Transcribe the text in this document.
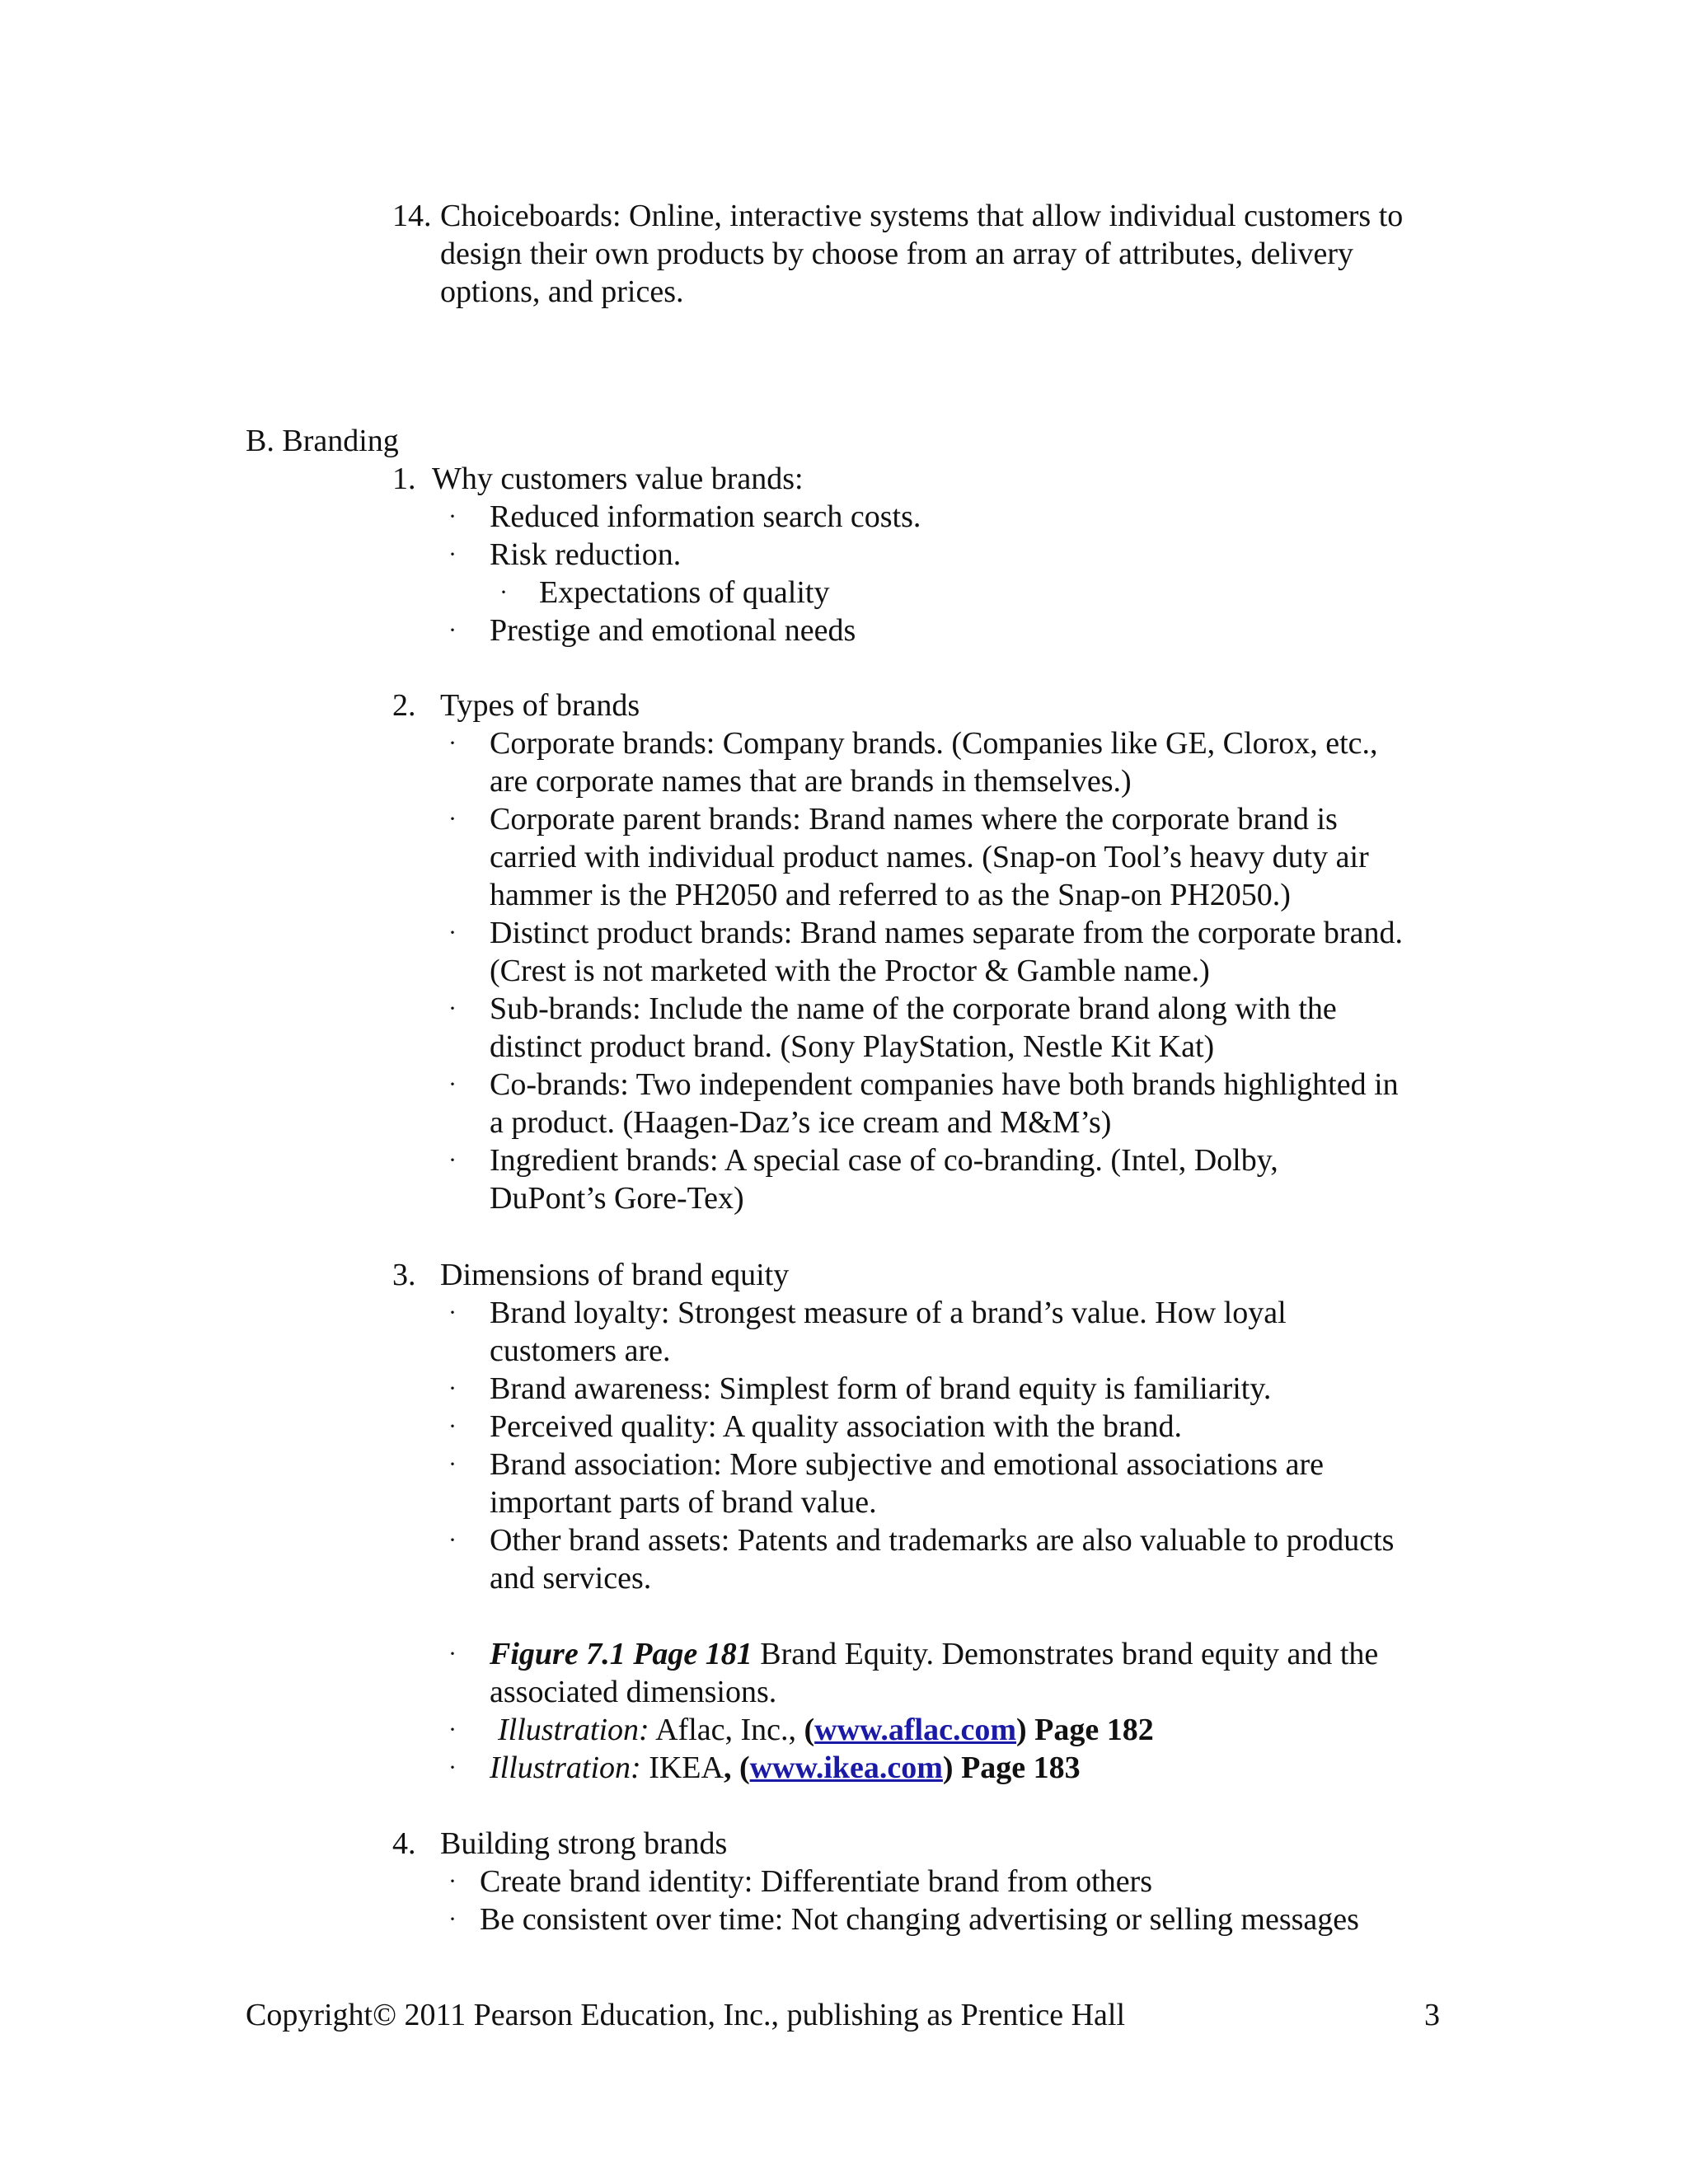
14. Choiceboards: Online, interactive systems that allow individual customers to
design their own products by choose from an array of attributes, delivery
options, and prices.
B. Branding
1. Why customers value brands:
· Reduced information search costs.
· Risk reduction.
· Expectations of quality
· Prestige and emotional needs
2. Types of brands
· Corporate brands: Company brands. (Companies like GE, Clorox, etc.,
are corporate names that are brands in themselves.)
· Corporate parent brands: Brand names where the corporate brand is
carried with individual product names. (Snap-on Tool’s heavy duty air
hammer is the PH2050 and referred to as the Snap-on PH2050.)
· Distinct product brands: Brand names separate from the corporate brand.
(Crest is not marketed with the Proctor & Gamble name.)
· Sub-brands: Include the name of the corporate brand along with the
distinct product brand. (Sony PlayStation, Nestle Kit Kat)
· Co-brands: Two independent companies have both brands highlighted in
a product. (Haagen-Daz’s ice cream and M&M’s)
· Ingredient brands: A special case of co-branding. (Intel, Dolby,
DuPont’s Gore-Tex)
3. Dimensions of brand equity
· Brand loyalty: Strongest measure of a brand’s value. How loyal
customers are.
· Brand awareness: Simplest form of brand equity is familiarity.
· Perceived quality: A quality association with the brand.
· Brand association: More subjective and emotional associations are
important parts of brand value.
· Other brand assets: Patents and trademarks are also valuable to products
and services.
· Figure 7.1 Page 181 Brand Equity. Demonstrates brand equity and the
associated dimensions.
· Illustration: Aflac, Inc., (www.aflac.com) Page 182
· Illustration: IKEA, (www.ikea.com) Page 183
4. Building strong brands
· Create brand identity: Differentiate brand from others
· Be consistent over time: Not changing advertising or selling messages
Copyright© 2011 Pearson Education, Inc., publishing as Prentice Hall	3
